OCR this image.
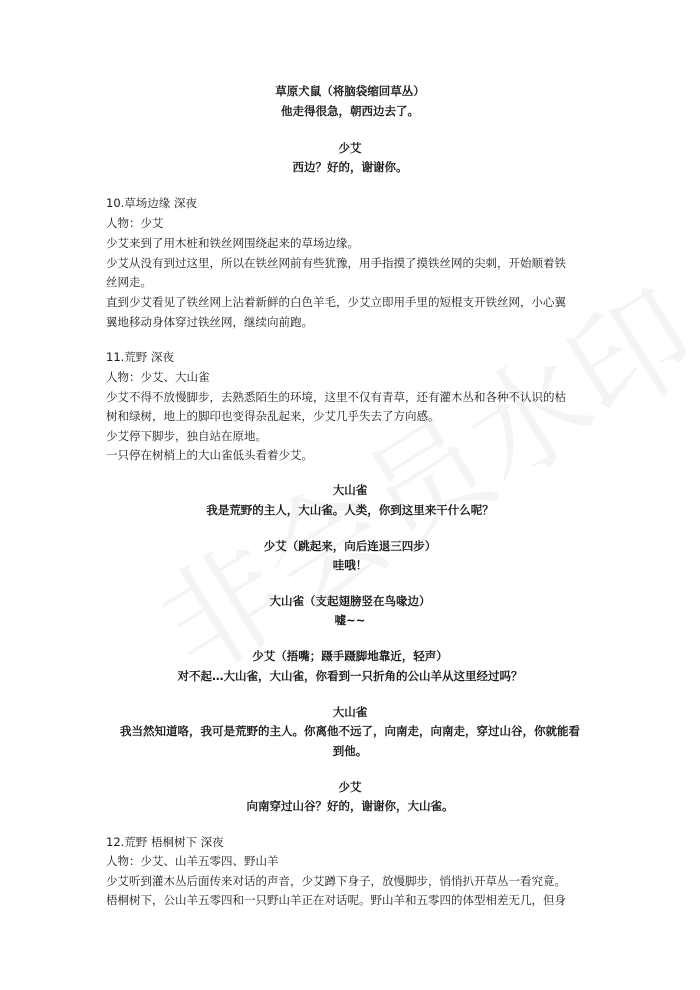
草原犬鼠（将脑袋缩回草丛）
他走得很急，朝西边去了。
少艾
西边？好的，谢谢你。
10.草场边缘 深夜
人物：少艾
少艾来到了用木桩和铁丝网围绕起来的草场边缘。
少艾从没有到过这里，所以在铁丝网前有些犹豫，用手指摸了摸铁丝网的尖刺，开始顺着铁
丝网走。
直到少艾看见了铁丝网上沾着新鲜的白色羊毛，少艾立即用手里的短棍支开铁丝网，小心翼
翼地移动身体穿过铁丝网，继续向前跑。
11.荒野 深夜
人物：少艾、大山雀
少艾不得不放慢脚步，去熟悉陌生的环境，这里不仅有青草，还有灌木丛和各种不认识的枯
树和绿树，地上的脚印也变得杂乱起来，少艾几乎失去了方向感。
少艾停下脚步，独自站在原地。
一只停在树梢上的大山雀低头看着少艾。
大山雀
我是荒野的主人，大山雀。人类，你到这里来干什么呢？
少艾（跳起来，向后连退三四步）
哇哦！
大山雀（支起翅膀竖在鸟喙边）
嘘~~
少艾（捂嘴；蹑手蹑脚地靠近，轻声）
对不起…大山雀，大山雀，你看到一只折角的公山羊从这里经过吗？
大山雀
我当然知道咯，我可是荒野的主人。你离他不远了，向南走，向南走，穿过山谷，你就能看
到他。
少艾
向南穿过山谷？好的，谢谢你，大山雀。
12.荒野 梧桐树下 深夜
人物：少艾、山羊五零四、野山羊
少艾听到灌木丛后面传来对话的声音，少艾蹲下身子，放慢脚步，悄悄扒开草丛一看究竟。
梧桐树下，公山羊五零四和一只野山羊正在对话呢。野山羊和五零四的体型相差无几，但身
